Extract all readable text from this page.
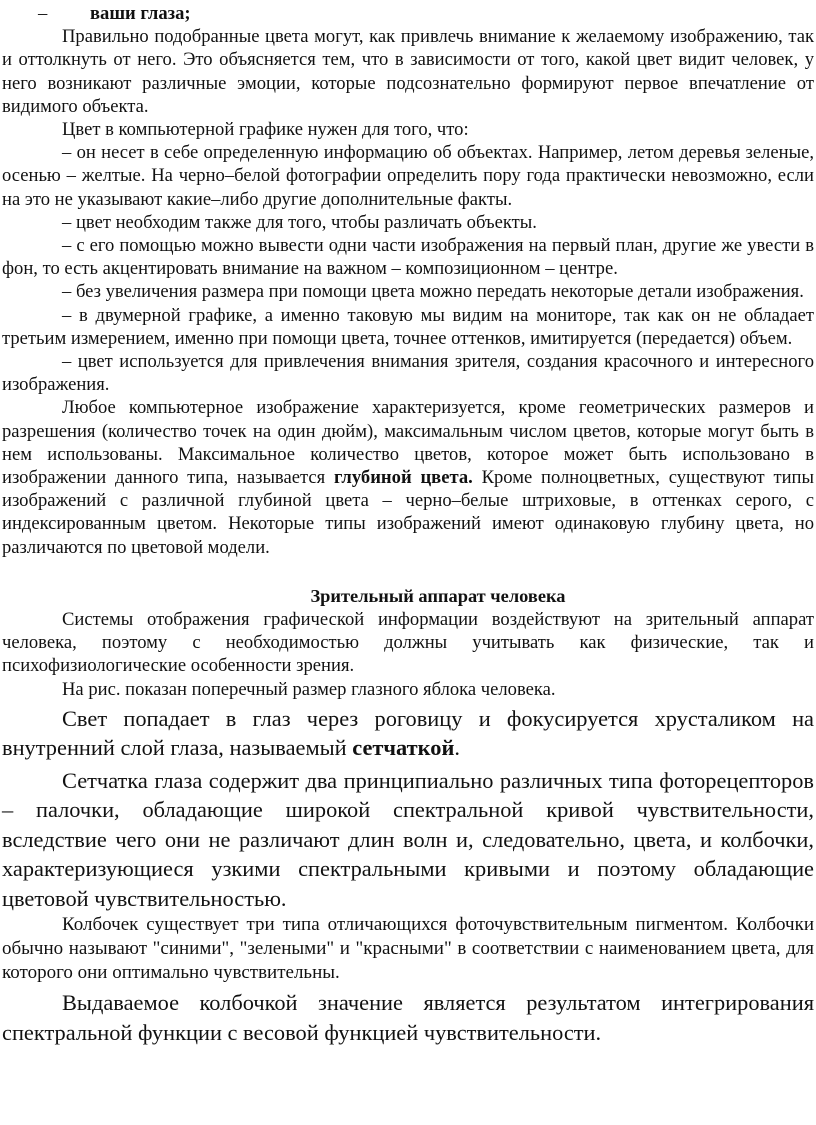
– ваши глаза;

Правильно подобранные цвета могут, как привлечь внимание к желаемому изображению, так и оттолкнуть от него. Это объясняется тем, что в зависимости от того, какой цвет видит человек, у него возникают различные эмоции, которые подсознательно формируют первое впечатление от видимого объекта.

Цвет в компьютерной графике нужен для того, что:

– он несет в себе определенную информацию об объектах. Например, летом деревья зеленые, осенью – желтые. На черно–белой фотографии определить пору года практически невозможно, если на это не указывают какие–либо другие дополнительные факты.

– цвет необходим также для того, чтобы различать объекты.

– с его помощью можно вывести одни части изображения на первый план, другие же увести в фон, то есть акцентировать внимание на важном – композиционном – центре.

– без увеличения размера при помощи цвета можно передать некоторые детали изображения.

– в двумерной графике, а именно таковую мы видим на мониторе, так как он не обладает третьим измерением, именно при помощи цвета, точнее оттенков, имитируется (передается) объем.

– цвет используется для привлечения внимания зрителя, создания красочного и интересного изображения.

Любое компьютерное изображение характеризуется, кроме геометрических размеров и разрешения (количество точек на один дюйм), максимальным числом цветов, которые могут быть в нем использованы. Максимальное количество цветов, которое может быть использовано в изображении данного типа, называется глубиной цвета. Кроме полноцветных, существуют типы изображений с различной глубиной цвета – черно–белые штриховые, в оттенках серого, с индексированным цветом. Некоторые типы изображений имеют одинаковую глубину цвета, но различаются по цветовой модели.

Зрительный аппарат человека

Системы отображения графической информации воздействуют на зрительный аппарат человека, поэтому с необходимостью должны учитывать как физические, так и психофизиологические особенности зрения.

На рис. показан поперечный размер глазного яблока человека.

Свет попадает в глаз через роговицу и фокусируется хрусталиком на внутренний слой глаза, называемый сетчаткой.

Сетчатка глаза содержит два принципиально различных типа фоторецепторов – палочки, обладающие широкой спектральной кривой чувствительности, вследствие чего они не различают длин волн и, следовательно, цвета, и колбочки, характеризующиеся узкими спектральными кривыми и поэтому обладающие цветовой чувствительностью.

Колбочек существует три типа отличающихся фоточувствительным пигментом. Колбочки обычно называют "синими", "зелеными" и "красными" в соответствии с наименованием цвета, для которого они оптимально чувствительны.

Выдаваемое колбочкой значение является результатом интегрирования спектральной функции с весовой функцией чувствительности.
